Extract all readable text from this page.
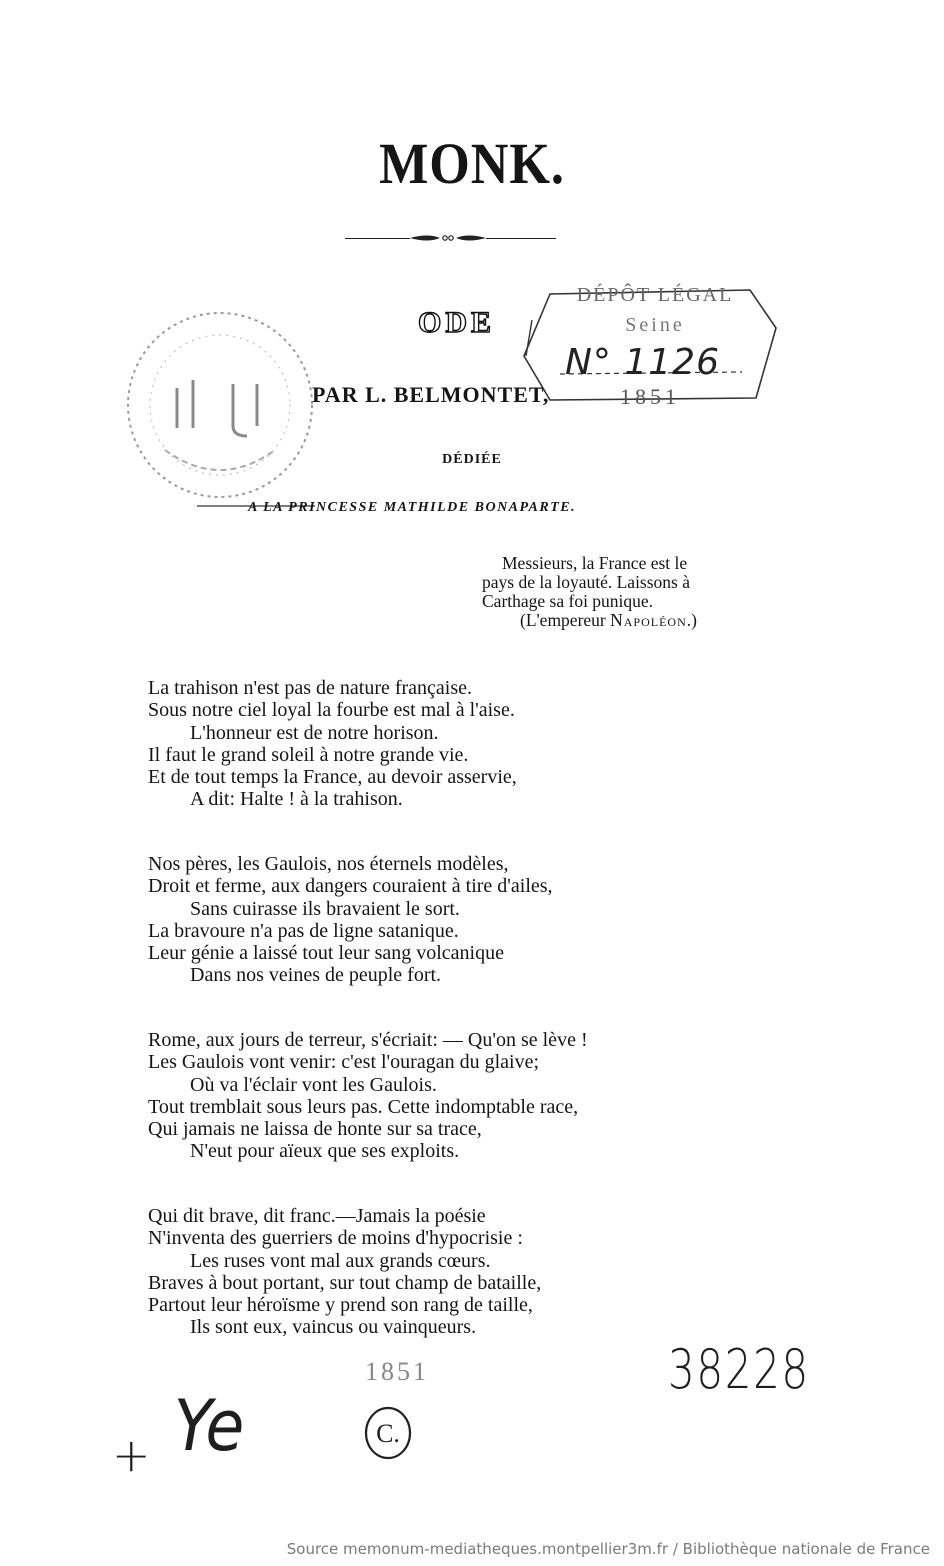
MONK.
ODE
PAR L. BELMONTET,
DÉPÔT LÉGAL
Seine
N° 1126
1851
DÉDIÉE
A LA PRINCESSE MATHILDE BONAPARTE.
Messieurs, la France est le
pays de la loyauté. Laissons à
Carthage sa foi punique.
(L'empereur Napoléon.)
La trahison n'est pas de nature française.
Sous notre ciel loyal la fourbe est mal à l'aise.
L'honneur est de notre horison.
Il faut le grand soleil à notre grande vie.
Et de tout temps la France, au devoir asservie,
A dit: Halte ! à la trahison.
Nos pères, les Gaulois, nos éternels modèles,
Droit et ferme, aux dangers couraient à tire d'ailes,
Sans cuirasse ils bravaient le sort.
La bravoure n'a pas de ligne satanique.
Leur génie a laissé tout leur sang volcanique
Dans nos veines de peuple fort.
Rome, aux jours de terreur, s'écriait: — Qu'on se lève !
Les Gaulois vont venir: c'est l'ouragan du glaive;
Où va l'éclair vont les Gaulois.
Tout tremblait sous leurs pas. Cette indomptable race,
Qui jamais ne laissa de honte sur sa trace,
N'eut pour aïeux que ses exploits.
Qui dit brave, dit franc.—Jamais la poésie
N'inventa des guerriers de moins d'hypocrisie :
Les ruses vont mal aux grands cœurs.
Braves à bout portant, sur tout champ de bataille,
Partout leur héroïsme y prend son rang de taille,
Ils sont eux, vaincus ou vainqueurs.
1851
C.
38228
+ Ye
Source memonum-mediatheques.montpellier3m.fr / Bibliothèque nationale de France
